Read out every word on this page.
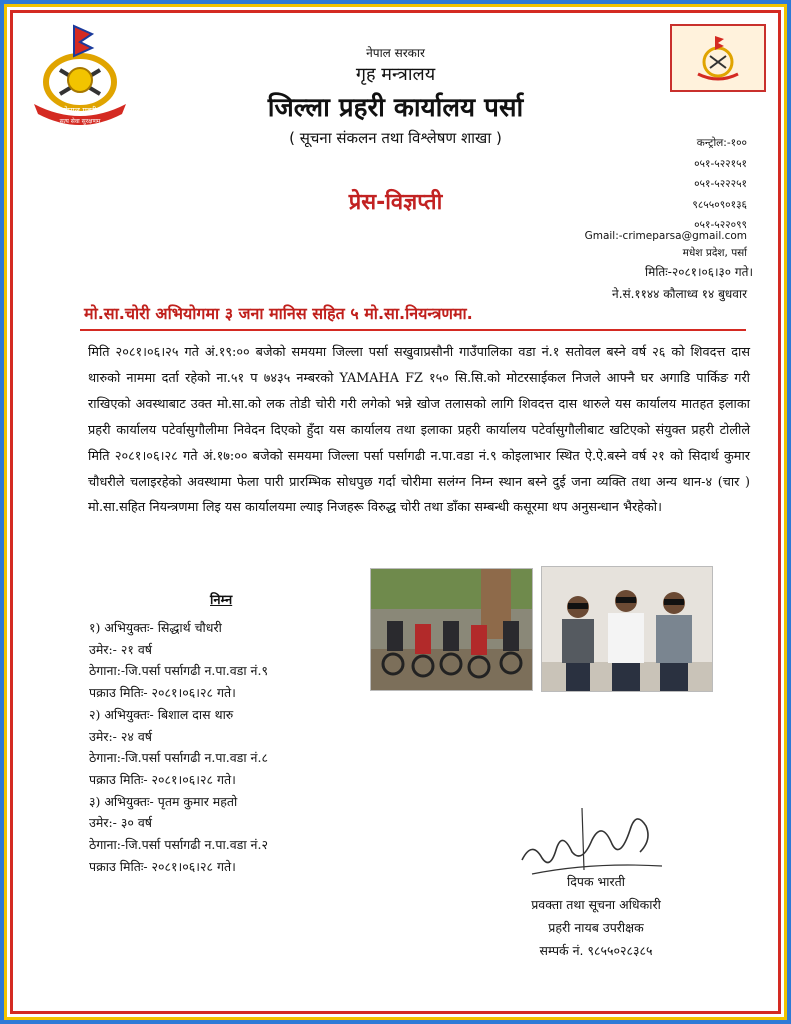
नेपाल प्रहरी
सत्य सेवा सुरक्षणम्
नेपाल सरकार
गृह मन्त्रालय
जिल्ला प्रहरी कार्यालय पर्सा
( सूचना संकलन तथा विश्लेषण शाखा )
प्रेस-विज्ञप्ती
कन्ट्रोल:-१००
०५१-५२२१५१
०५१-५२२२५१
९८५५०९०१३६
०५१-५२२०९९
Gmail:-crimeparsa@gmail.com
मधेश प्रदेश, पर्सा
मितिः-२०८१।०६।३० गते।
ने.सं.११४४ कौलाध्व १४ बुधवार
मो.सा.चोरी अभियोगमा ३ जना मानिस सहित ५ मो.सा.नियन्त्रणमा.
मिति २०८१।०६।२५ गते अं.१९:०० बजेको समयमा जिल्ला पर्सा सखुवाप्रसौनी गाउँपालिका वडा नं.१ सतोवल बस्ने वर्ष २६ को शिवदत्त दास थारुको नाममा दर्ता रहेको ना.५१ प ७४३५ नम्बरको YAMAHA FZ १५० सि.सि.को मोटरसाईकल निजले आफ्नै घर अगाडि पार्किङ गरी राखिएको अवस्थाबाट उक्त मो.सा.को लक तोडी चोरी गरी लगेको भन्ने खोज तलासको लागि शिवदत्त दास थारुले यस कार्यालय मातहत इलाका प्रहरी कार्यालय पटेर्वासुगौलीमा निवेदन दिएको हुँदा यस कार्यालय तथा इलाका प्रहरी कार्यालय पटेर्वासुगौलीबाट खटिएको संयुक्त प्रहरी टोलीले मिति २०८१।०६।२८ गते अं.१७:०० बजेको समयमा जिल्ला पर्सा पर्सागढी न.पा.वडा नं.९ कोइलाभार स्थित ऐ.ऐ.बस्ने वर्ष २१ को सिदार्थ कुमार चौधरीले चलाइरहेको अवस्थामा फेला पारी प्रारम्भिक सोधपुछ गर्दा चोरीमा सलंग्न निम्न स्थान बस्ने दुई जना व्यक्ति तथा अन्य थान-४ (चार ) मो.सा.सहित नियन्त्रणमा लिइ यस कार्यालयमा ल्याइ निजहरू विरुद्ध चोरी तथा डाँका सम्बन्धी कसूरमा थप अनुसन्धान भैरहेको।
निम्न
१) अभियुक्तः- सिद्धार्थ चौधरी
उमेर:- २१ वर्ष
ठेगाना:-जि.पर्सा पर्सागढी न.पा.वडा नं.९
पक्राउ मितिः- २०८१।०६।२८ गते।
२) अभियुक्तः- बिशाल दास थारु
उमेर:- २४ वर्ष
ठेगाना:-जि.पर्सा पर्सागढी न.पा.वडा नं.८
पक्राउ मितिः- २०८१।०६।२८ गते।
३) अभियुक्तः- पृतम कुमार महतो
उमेर:- ३० वर्ष
ठेगाना:-जि.पर्सा पर्सागढी न.पा.वडा नं.२
पक्राउ मितिः- २०८१।०६।२८ गते।
दिपक भारती
प्रवक्ता तथा सूचना अधिकारी
प्रहरी नायब उपरीक्षक
सम्पर्क नं. ९८५५०२८३८५
